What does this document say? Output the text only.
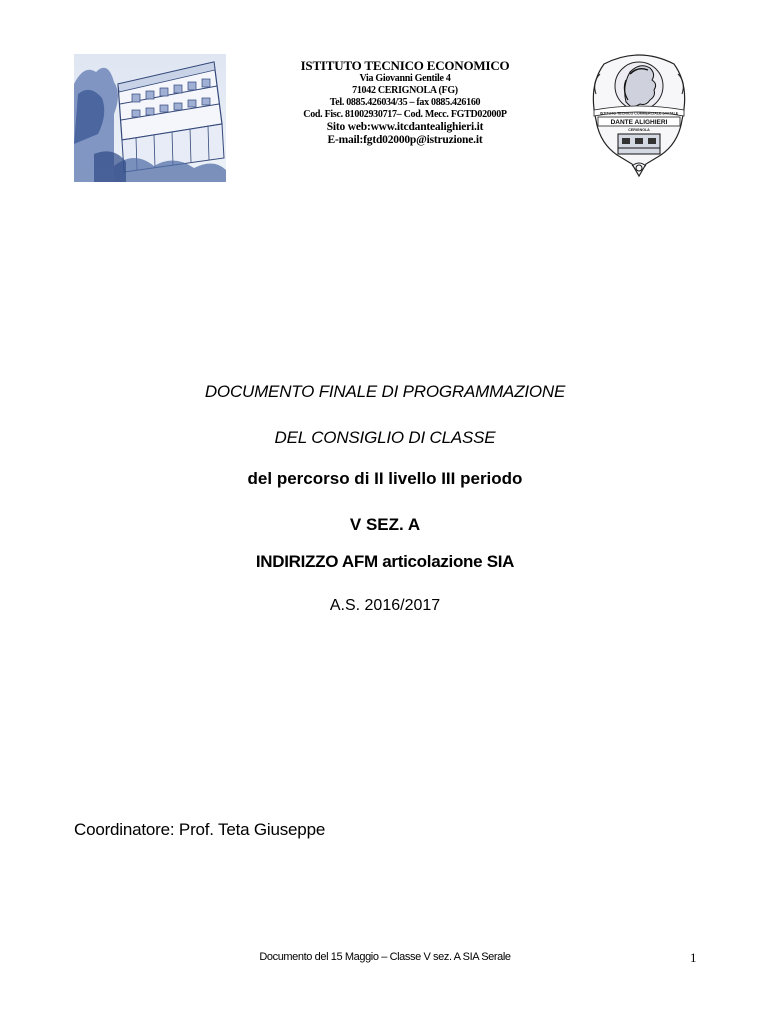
ISTITUTO TECNICO ECONOMICO
Via Giovanni Gentile 4
71042 CERIGNOLA (FG)
Tel. 0885.426034/35 – fax 0885.426160
Cod. Fisc. 81002930717– Cod. Mecc. FGTD02000P
Sito web:www.itcdantealighieri.it
E-mail:fgtd02000p@istruzione.it
ISTITUTO TECNICO COMMERCIALE STATALE
DANTE ALIGHIERI
CERIGNOLA
DOCUMENTO FINALE DI PROGRAMMAZIONE
DEL CONSIGLIO DI CLASSE
del percorso di II livello III periodo
V SEZ. A
INDIRIZZO AFM articolazione SIA
A.S. 2016/2017
Coordinatore: Prof. Teta Giuseppe
Documento del 15 Maggio – Classe V sez. A SIA Serale	1
